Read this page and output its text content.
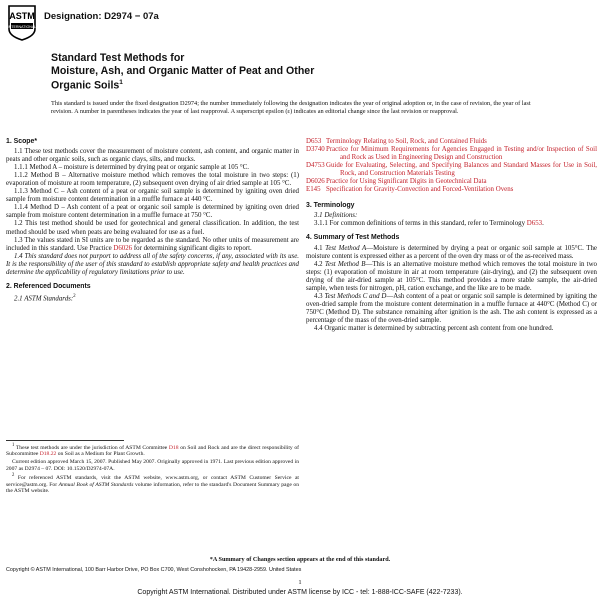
ASTM
INTERNATIONAL
Designation: D2974 − 07a
Standard Test Methods for
Moisture, Ash, and Organic Matter of Peat and Other
Organic Soils$^1$
This standard is issued under the fixed designation D2974; the number immediately following the designation indicates the year of original adoption or, in the case of revision, the year of last revision. A number in parentheses indicates the year of last reapproval. A superscript epsilon (ε) indicates an editorial change since the last revision or reapproval.

1. Scope*

1.1 These test methods cover the measurement of moisture content, ash content, and organic matter in peats and other organic soils, such as organic clays, silts, and mucks.

1.1.1 Method A – moisture is determined by drying peat or organic sample at 105 °C.

1.1.2 Method B – Alternative moisture method which removes the total moisture in two steps: (1) evaporation of moisture at room temperature, (2) subsequent oven drying of air dried sample at 105 °C.

1.1.3 Method C – Ash content of a peat or organic soil sample is determined by igniting oven dried sample from moisture content determination in a muffle furnace at 440 °C.

1.1.4 Method D – Ash content of a peat or organic soil sample is determined by igniting oven dried sample from moisture content determination in a muffle furnace at 750 °C.

1.2 This test method should be used for geotechnical and general classification. In addition, the test method should be used when peats are being evaluated for use as a fuel.

1.3 The values stated in SI units are to be regarded as the standard. No other units of measurement are included in this standard. Use Practice D6026 for determining significant digits to report.

1.4 This standard does not purport to address all of the safety concerns, if any, associated with its use. It is the responsibility of the user of this standard to establish appropriate safety and health practices and determine the applicability of regulatory limitations prior to use.

2. Referenced Documents

2.1 ASTM Standards:$^2$

$^1$ These test methods are under the jurisdiction of ASTM Committee D18 on Soil and Rock and are the direct responsibility of Subcommittee D18.22 on Soil as a Medium for Plant Growth.

Current edition approved March 15, 2007. Published May 2007. Originally approved in 1971. Last previous edition approved in 2007 as D2974 – 07. DOI: 10.1520/D2974-07A.

$^2$ For referenced ASTM standards, visit the ASTM website, www.astm.org, or contact ASTM Customer Service at service@astm.org. For Annual Book of ASTM Standards volume information, refer to the standard's Document Summary page on the ASTM website.

D653 Terminology Relating to Soil, Rock, and Contained Fluids

D3740Practice for Minimum Requirements for Agencies Engaged in Testing and/or Inspection of Soil and Rock as Used in Engineering Design and Construction

D4753Guide for Evaluating, Selecting, and Specifying Balances and Standard Masses for Use in Soil, Rock, and Construction Materials Testing

D6026Practice for Using Significant Digits in Geotechnical Data

E145 Specification for Gravity-Convection and Forced-Ventilation Ovens

3. Terminology

3.1 Definitions:

3.1.1 For common definitions of terms in this standard, refer to Terminology D653.

4. Summary of Test Methods

4.1 Test Method A—Moisture is determined by drying a peat or organic soil sample at 105°C. The moisture content is expressed either as a percent of the oven dry mass or of the as-received mass.

4.2 Test Method B—This is an alternative moisture method which removes the total moisture in two steps: (1) evaporation of moisture in air at room temperature (air-drying), and (2) the subsequent oven drying of the air-dried sample at 105°C. This method provides a more stable sample, the air-dried sample, when tests for nitrogen, pH, cation exchange, and the like are to be made.

4.3 Test Methods C and D—Ash content of a peat or organic soil sample is determined by igniting the oven-dried sample from the moisture content determination in a muffle furnace at 440°C (Method C) or 750°C (Method D). The substance remaining after ignition is the ash. The ash content is expressed as a percentage of the mass of the oven-dried sample.

4.4 Organic matter is determined by subtracting percent ash content from one hundred.

*A Summary of Changes section appears at the end of this standard.
Copyright © ASTM International, 100 Barr Harbor Drive, PO Box C700, West Conshohocken, PA 19428-2959. United States
1
Copyright ASTM International. Distributed under ASTM license by ICC - tel: 1-888-ICC-SAFE (422-7233).
